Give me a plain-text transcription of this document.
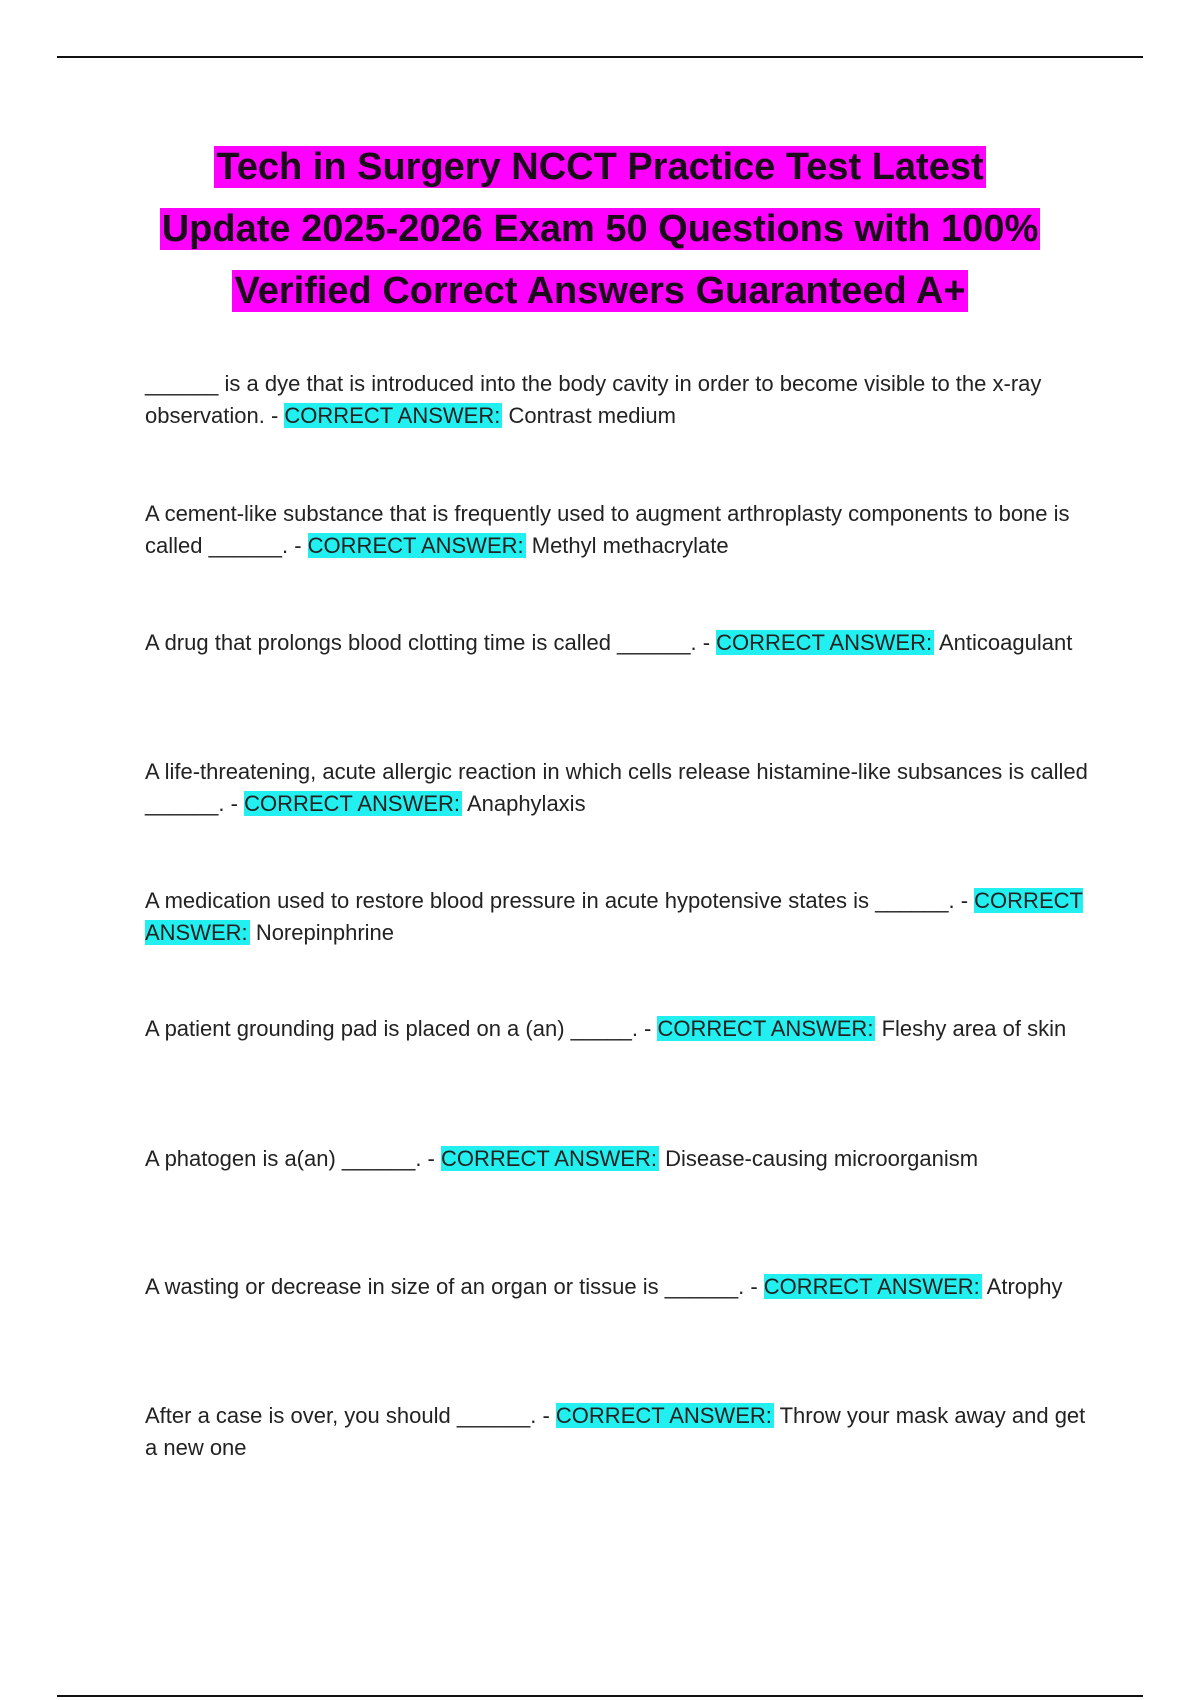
Tech in Surgery NCCT Practice Test Latest
Update 2025-2026 Exam 50 Questions with 100%
Verified Correct Answers Guaranteed A+
______ is a dye that is introduced into the body cavity in order to become visible to the x-ray observation. - CORRECT ANSWER: Contrast medium
A cement-like substance that is frequently used to augment arthroplasty components to bone is called ______. - CORRECT ANSWER: Methyl methacrylate
A drug that prolongs blood clotting time is called ______. - CORRECT ANSWER: Anticoagulant
A life-threatening, acute allergic reaction in which cells release histamine-like subsances is called ______. - CORRECT ANSWER: Anaphylaxis
A medication used to restore blood pressure in acute hypotensive states is ______. - CORRECT ANSWER: Norepinphrine
A patient grounding pad is placed on a (an) _____. - CORRECT ANSWER: Fleshy area of skin
A phatogen is a(an) ______. - CORRECT ANSWER: Disease-causing microorganism
A wasting or decrease in size of an organ or tissue is ______. - CORRECT ANSWER: Atrophy
After a case is over, you should ______. - CORRECT ANSWER: Throw your mask away and get a new one
